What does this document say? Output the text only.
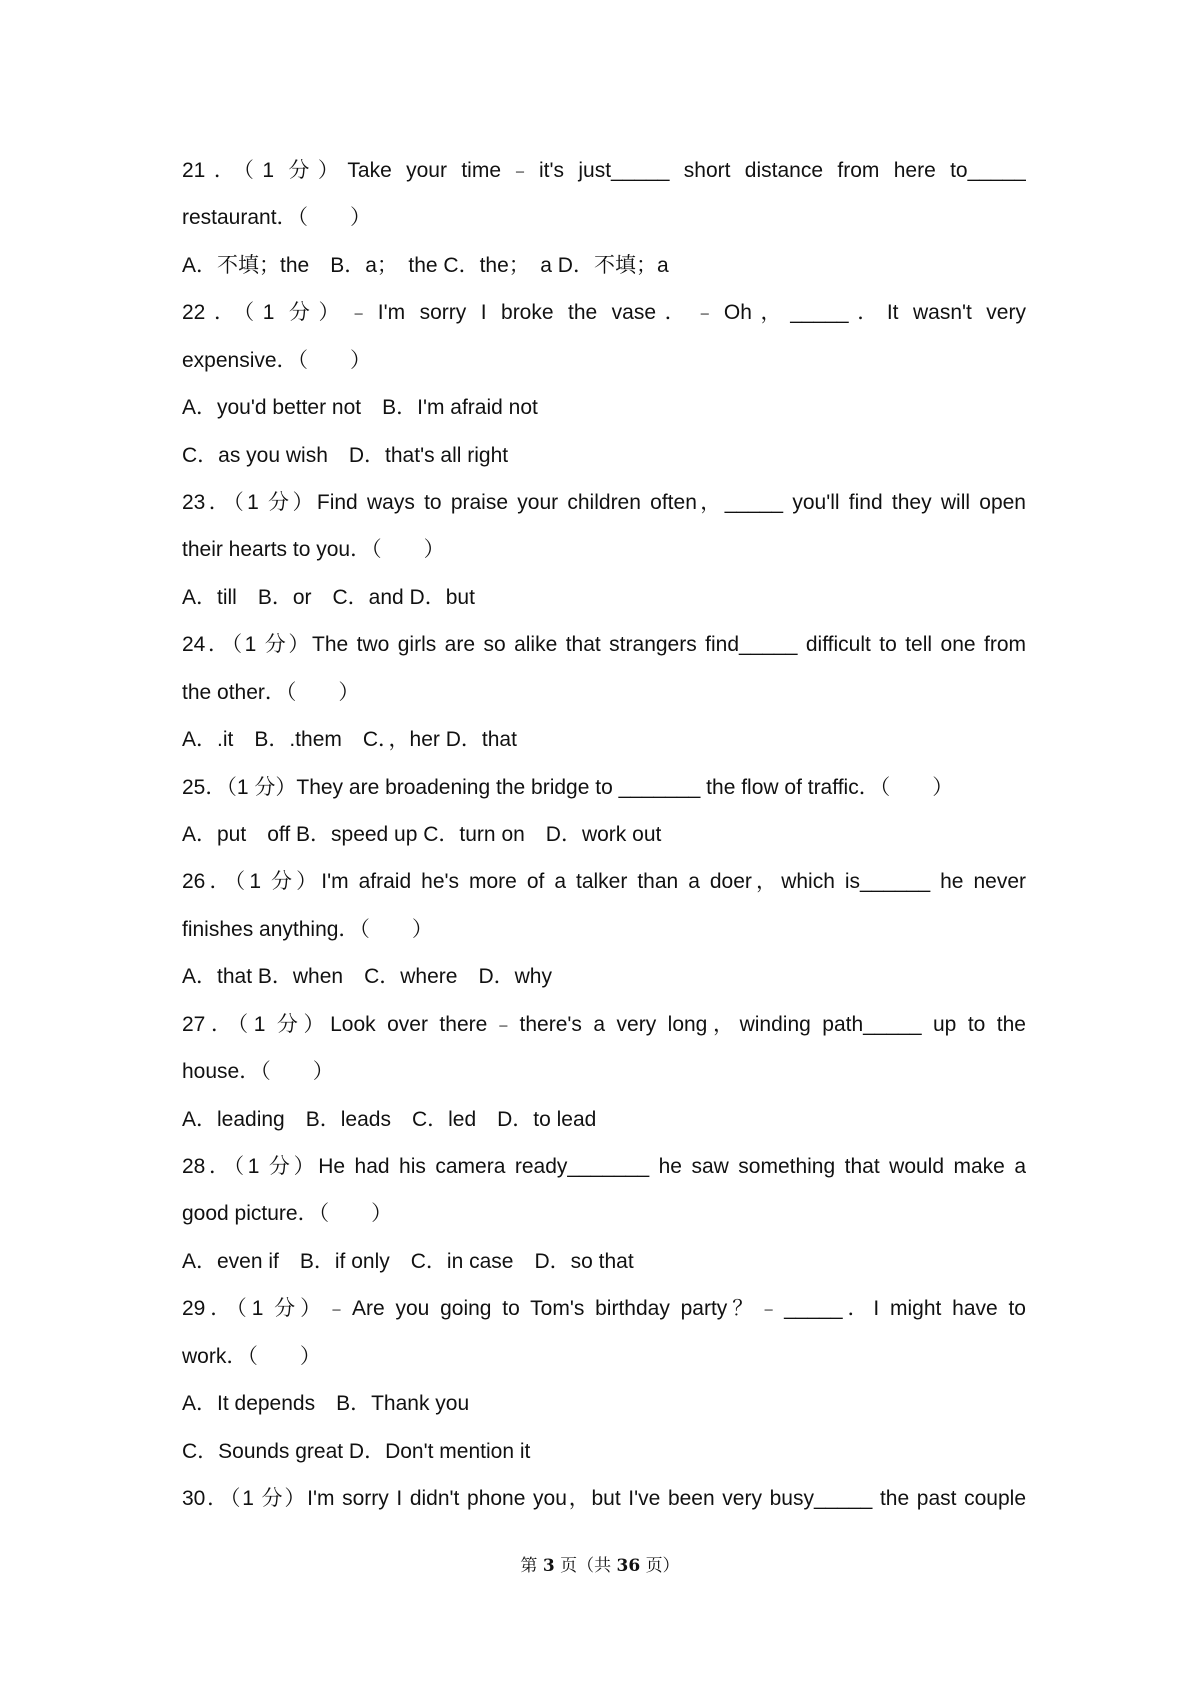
21．（1 分）Take your time﹣it's just_____ short distance from here to_____
restaurant．（　　）
A．不填；the　B．a；　the C．the；　a D．不填；a
22．（1 分）﹣I'm sorry I broke the vase．﹣Oh，_____．It wasn't very
expensive．（　　）
A．you'd better not　B．I'm afraid not
C．as you wish　D．that's all right
23．（1 分）Find ways to praise your children often，_____ you'll find they will open
their hearts to you．（　　）
A．till　B．or　C．and D．but
24．（1 分）The two girls are so alike that strangers find_____ difficult to tell one from
the other．（　　）
A．.it　B．.them　C．，her D．that
25．（1 分）They are broadening the bridge to _______ the flow of traffic．（　　）
A．put　off B．speed up C．turn on　D．work out
26．（1 分）I'm afraid he's more of a talker than a doer，which is______ he never
finishes anything．（　　）
A．that B．when　C．where　D．why
27．（1 分）Look over there﹣there's a very long，winding path_____ up to the
house．（　　）
A．leading　B．leads　C．led　D．to lead
28．（1 分）He had his camera ready_______ he saw something that would make a
good picture．（　　）
A．even if　B．if only　C．in case　D．so that
29．（1 分）﹣Are you going to Tom's birthday party？﹣_____．I might have to
work．（　　）
A．It depends　B．Thank you
C．Sounds great D．Don't mention it
30．（1 分）I'm sorry I didn't phone you，but I've been very busy_____ the past couple
第 3 页（共 36 页）
